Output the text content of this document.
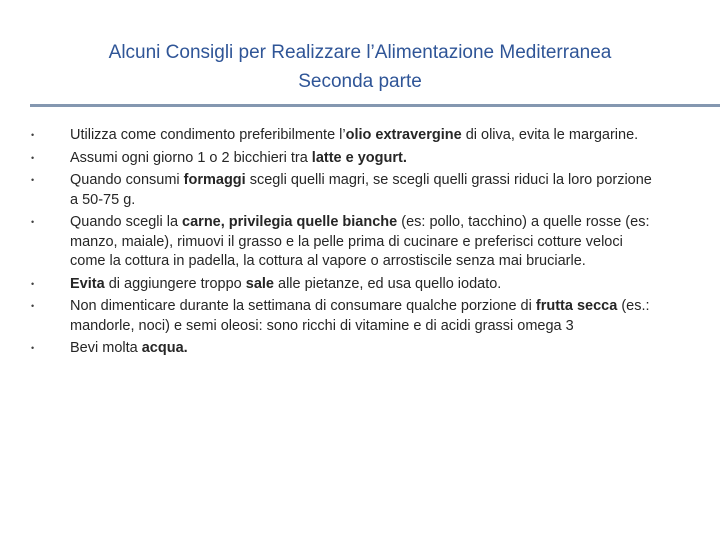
Alcuni Consigli per Realizzare l’Alimentazione Mediterranea
Seconda parte
• Utilizza come condimento preferibilmente l’olio extravergine di oliva, evita le margarine.
• Assumi ogni giorno 1 o 2 bicchieri tra latte e yogurt.
• Quando consumi formaggi scegli quelli magri, se scegli quelli grassi riduci la loro porzione a 50-75 g.
• Quando scegli la carne, privilegia quelle bianche (es: pollo, tacchino) a quelle rosse (es: manzo, maiale), rimuovi il grasso e la pelle prima di cucinare e preferisci cotture veloci come la cottura in padella, la cottura al vapore o arrostiscile senza mai bruciarle.
• Evita di aggiungere troppo sale alle pietanze, ed usa quello iodato.
• Non dimenticare durante la settimana di consumare qualche porzione di frutta secca (es.: mandorle, noci) e semi oleosi: sono ricchi di vitamine e di acidi grassi omega 3
• Bevi molta acqua.
